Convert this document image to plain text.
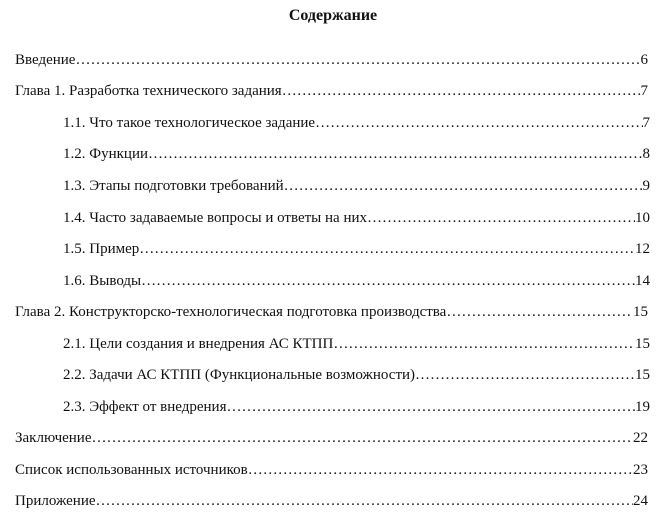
Содержание
Введение …………………………………………………………………………………………………………………………………………………………………………………………	6
Глава 1. Разработка технического задания …………………………………………………………………………………………………………………………………………………………………………………………	7
1.1. Что такое технологическое задание …………………………………………………………………………………………………………………………………………………………………………………………	7
1.2. Функции …………………………………………………………………………………………………………………………………………………………………………………………	8
1.3. Этапы подготовки требований …………………………………………………………………………………………………………………………………………………………………………………………	9
1.4. Часто задаваемые вопросы и ответы на них …………………………………………………………………………………………………………………………………………………………………………………………	10
1.5. Пример …………………………………………………………………………………………………………………………………………………………………………………………	12
1.6. Выводы …………………………………………………………………………………………………………………………………………………………………………………………	14
Глава 2. Конструкторско-технологическая подготовка производства …………………………………………………………………………………………………………………………………………………………………………………………	15
2.1. Цели создания и внедрения АС КТПП …………………………………………………………………………………………………………………………………………………………………………………………	15
2.2. Задачи АС КТПП (Функциональные возможности) …………………………………………………………………………………………………………………………………………………………………………………………	15
2.3. Эффект от внедрения …………………………………………………………………………………………………………………………………………………………………………………………	19
Заключение …………………………………………………………………………………………………………………………………………………………………………………………	22
Список использованных источников …………………………………………………………………………………………………………………………………………………………………………………………	23
Приложение …………………………………………………………………………………………………………………………………………………………………………………………	24
